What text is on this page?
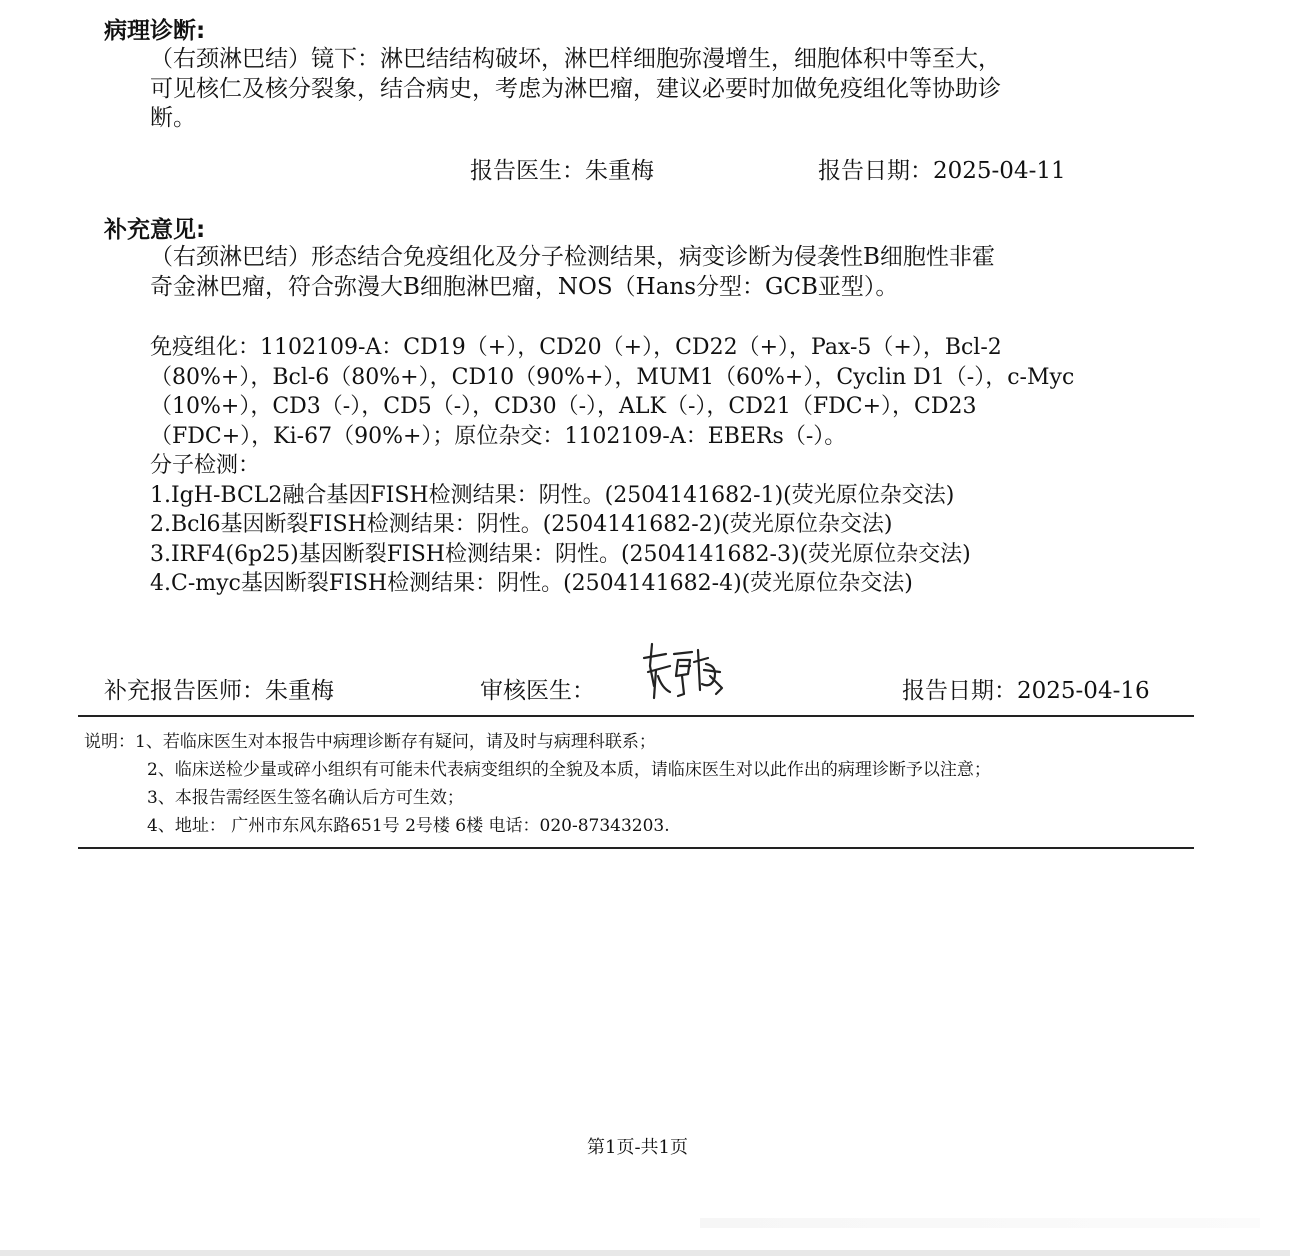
病理诊断:
（右颈淋巴结）镜下：淋巴结结构破坏，淋巴样细胞弥漫增生，细胞体积中等至大，
可见核仁及核分裂象，结合病史，考虑为淋巴瘤，建议必要时加做免疫组化等协助诊
断。
报告医生：朱重梅	报告日期：2025-04-11
补充意见:
（右颈淋巴结）形态结合免疫组化及分子检测结果，病变诊断为侵袭性B细胞性非霍
奇金淋巴瘤，符合弥漫大B细胞淋巴瘤，NOS（Hans分型：GCB亚型）。
免疫组化：1102109-A：CD19（+），CD20（+），CD22（+），Pax-5（+），Bcl-2
（80%+），Bcl-6（80%+），CD10（90%+），MUM1（60%+），Cyclin D1（-），c-Myc
（10%+），CD3（-），CD5（-），CD30（-），ALK（-），CD21（FDC+），CD23
（FDC+），Ki-67（90%+）；原位杂交：1102109-A：EBERs（-）。
分子检测：
1.IgH-BCL2融合基因FISH检测结果：阴性。(2504141682-1)(荧光原位杂交法)
2.Bcl6基因断裂FISH检测结果：阴性。(2504141682-2)(荧光原位杂交法)
3.IRF4(6p25)基因断裂FISH检测结果：阴性。(2504141682-3)(荧光原位杂交法)
4.C-myc基因断裂FISH检测结果：阴性。(2504141682-4)(荧光原位杂交法)
补充报告医师：朱重梅	审核医生：	报告日期：2025-04-16
说明：1、若临床医生对本报告中病理诊断存有疑问，请及时与病理科联系；
2、临床送检少量或碎小组织有可能未代表病变组织的全貌及本质，请临床医生对以此作出的病理诊断予以注意；
3、本报告需经医生签名确认后方可生效；
4、地址： 广州市东风东路651号 2号楼 6楼 电话：020-87343203.
第1页-共1页
